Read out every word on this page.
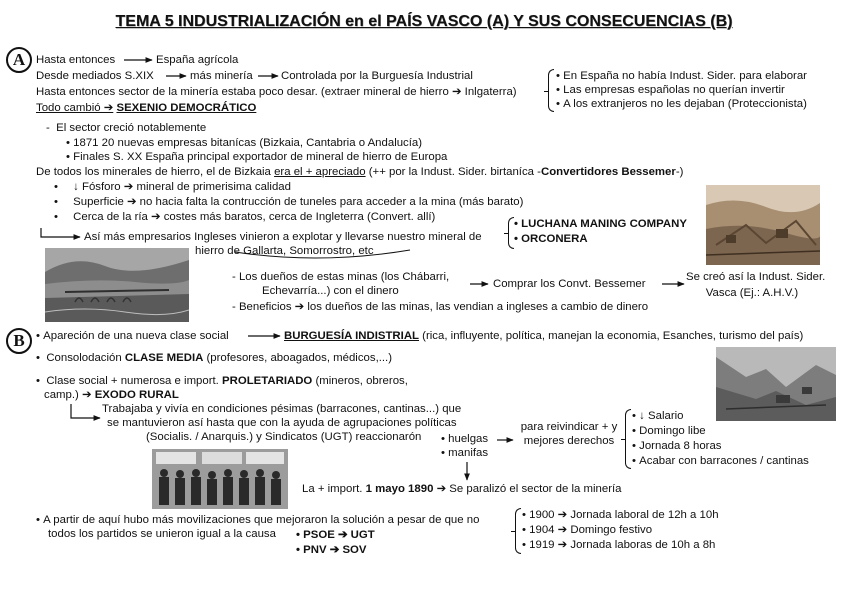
TEMA 5 INDUSTRIALIZACIÓN en el PAÍS VASCO (A) Y SUS CONSECUENCIAS (B)
A Hasta entonces	España agrícola
Desde mediados S.XIX	más minería Controlada por la Burguesía Industrial
Hasta entonces sector de la minería estaba poco desar. (extraer mineral de hierro ➔ Inlgaterra)
Todo cambió ➔ SEXENIO DEMOCRÁTICO
• En España no había Indust. Sider. para elaborar
• Las empresas españolas no querían invertir
• A los extranjeros no les dejaban (Proteccionista)
-  El sector creció notablemente
• 1871 20 nuevas empresas bitanícas (Bizkaia, Cantabria o Andalucía)
• Finales S. XX España principal exportador de mineral de hierro de Europa
De todos los minerales de hierro, el de Bizkaia era el + apreciado (++ por la Indust. Sider. birtaníca -Convertidores Bessemer-)
• ↓ Fósforo ➔ mineral de primerisima calidad
• Superficie ➔ no hacia falta la contrucción de tuneles para acceder a la mina (más barato)
• Cerca de la ría ➔ costes más baratos, cerca de Ingleterra (Convert. allí)
Así más empresarios Ingleses vinieron a explotar y llevarse nuestro mineral de
hierro de Gallarta, Somorrostro, etc
• LUCHANA MANING COMPANY
• ORCONERA
- Los dueños de estas minas (los Chábarri,
Echevarría...) con el dinero
Comprar los Convt. Bessemer
Se creó así la Indust. Sider.
Vasca (Ej.: A.H.V.)
- Beneficios ➔ los dueños de las minas, las vendian a ingleses a cambio de dinero
B	• Apareción de una nueva clase social	BURGUESÍA INDISTRIAL (rica, influyente, política, manejan la economia, Esanches, turismo del país)
• Consolodación CLASE MEDIA (profesores, aboagados, médicos,...)
• Clase social + numerosa e import. PROLETARIADO (mineros, obreros,
camp.) ➔ EXODO RURAL
Trabajaba y vivía en condiciones pésimas (barracones, cantinas...) que
se mantuvieron así hasta que con la ayuda de agrupaciones políticas
(Socialis. / Anarquis.) y Sindicatos (UGT) reaccionarón	• huelgas
• manifas
para reivindicar + y
mejores derechos
• ↓ Salario
• Domingo libe
• Jornada 8 horas
• Acabar con barracones / cantinas
La + import. 1 mayo 1890 ➔ Se paralizó el sector de la minería
• A partir de aquí hubo más movilizaciones que mejoraron la solución a pesar de que no
todos los partidos se unieron igual a la causa	• PSOE ➔ UGT
• PNV ➔ SOV
• 1900 ➔ Jornada laboral de 12h a 10h
• 1904 ➔ Domingo festivo
• 1919 ➔ Jornada laboras de 10h a 8h
